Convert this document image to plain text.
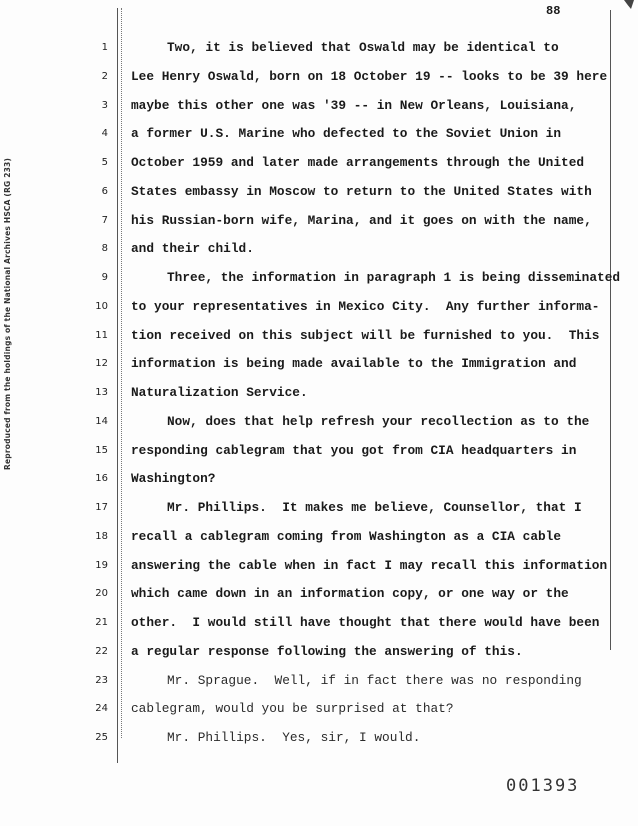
88
Reproduced from the holdings of the National Archives HSCA (RG 233)
1	Two, it is believed that Oswald may be identical to
2 Lee Henry Oswald, born on 18 October 19 -- looks to be 39 here
3 maybe this other one was '39 -- in New Orleans, Louisiana,
4 a former U.S. Marine who defected to the Soviet Union in
5 October 1959 and later made arrangements through the United
6 States embassy in Moscow to return to the United States with
7 his Russian-born wife, Marina, and it goes on with the name,
8 and their child.
9	Three, the information in paragraph 1 is being disseminated
10 to your representatives in Mexico City.  Any further informa-
11 tion received on this subject will be furnished to you.  This
12 information is being made available to the Immigration and
13 Naturalization Service.
14	Now, does that help refresh your recollection as to the
15 responding cablegram that you got from CIA headquarters in
16 Washington?
17	Mr. Phillips.  It makes me believe, Counsellor, that I
18 recall a cablegram coming from Washington as a CIA cable
19 answering the cable when in fact I may recall this information
20 which came down in an information copy, or one way or the
21 other.  I would still have thought that there would have been
22 a regular response following the answering of this.
23	Mr. Sprague.  Well, if in fact there was no responding
24 cablegram, would you be surprised at that?
25	Mr. Phillips.  Yes, sir, I would.
001393
